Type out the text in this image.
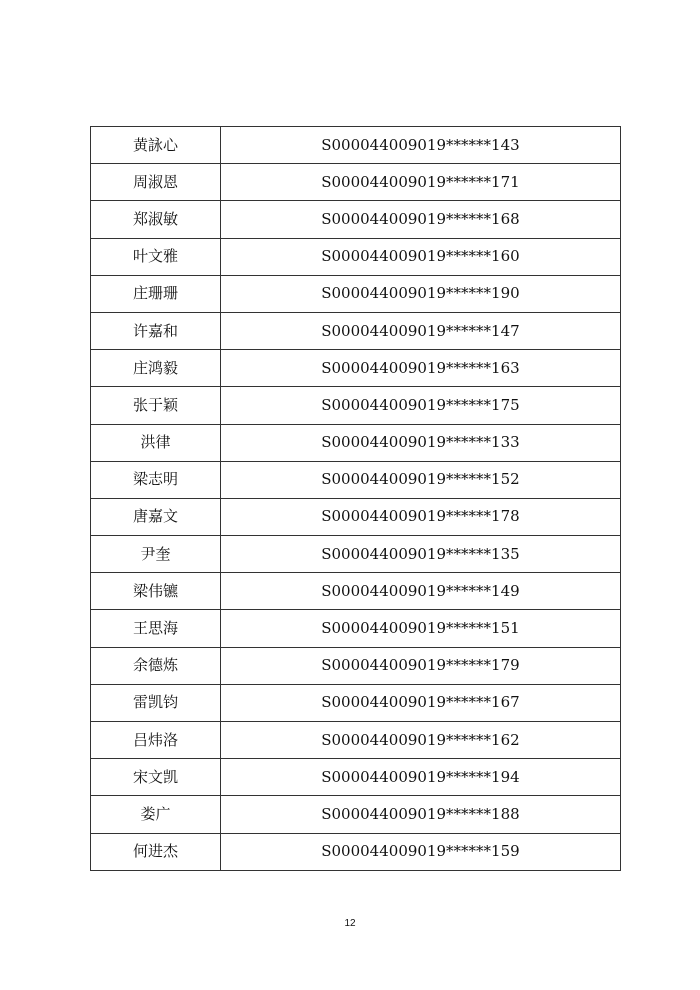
黄詠心	S000044009019******143
周淑恩	S000044009019******171
郑淑敏	S000044009019******168
叶文雅	S000044009019******160
庄珊珊	S000044009019******190
许嘉和	S000044009019******147
庄鸿毅	S000044009019******163
张于颖	S000044009019******175
洪律	S000044009019******133
梁志明	S000044009019******152
唐嘉文	S000044009019******178
尹奎	S000044009019******135
梁伟镳	S000044009019******149
王思海	S000044009019******151
余德炼	S000044009019******179
雷凯钧	S000044009019******167
吕炜洛	S000044009019******162
宋文凯	S000044009019******194
娄广	S000044009019******188
何进杰	S000044009019******159
12
